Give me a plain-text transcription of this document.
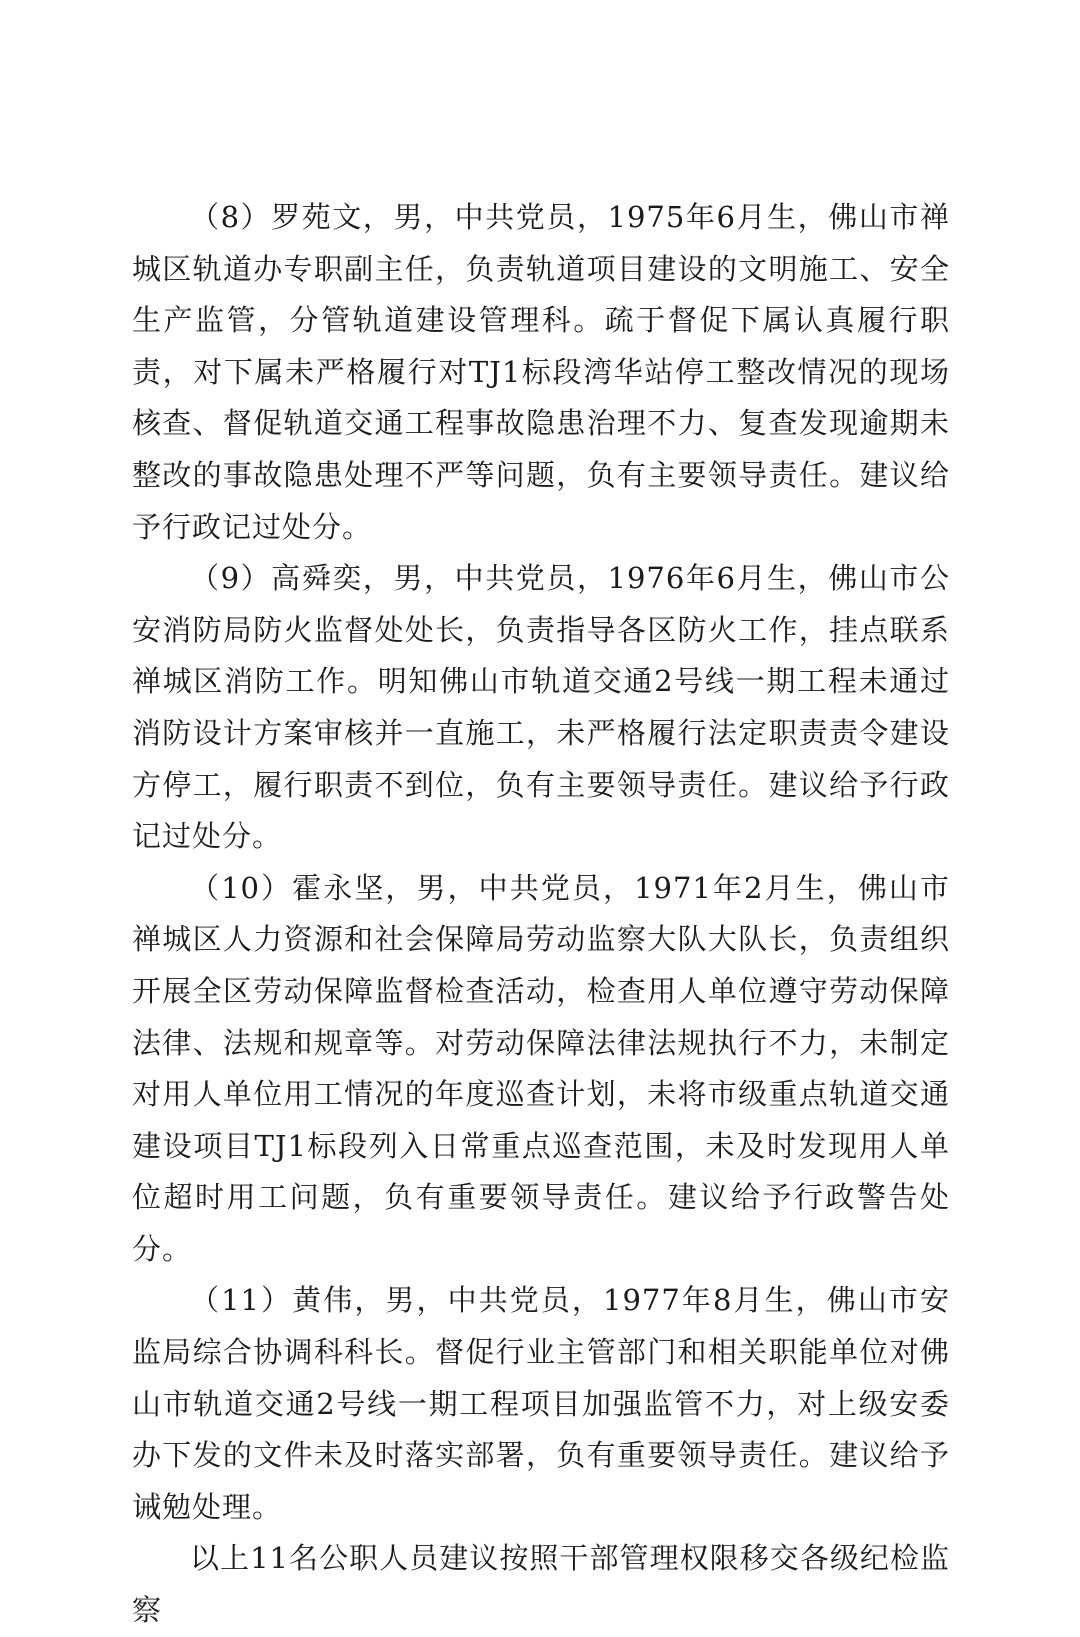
（8）罗苑文，男，中共党员，1975年6月生，佛山市禅城区轨道办专职副主任，负责轨道项目建设的文明施工、安全生产监管，分管轨道建设管理科。疏于督促下属认真履行职责，对下属未严格履行对TJ1标段湾华站停工整改情况的现场核查、督促轨道交通工程事故隐患治理不力、复查发现逾期未整改的事故隐患处理不严等问题，负有主要领导责任。建议给予行政记过处分。

（9）高舜奕，男，中共党员，1976年6月生，佛山市公安消防局防火监督处处长，负责指导各区防火工作，挂点联系禅城区消防工作。明知佛山市轨道交通2号线一期工程未通过消防设计方案审核并一直施工，未严格履行法定职责责令建设方停工，履行职责不到位，负有主要领导责任。建议给予行政记过处分。

（10）霍永坚，男，中共党员，1971年2月生，佛山市禅城区人力资源和社会保障局劳动监察大队大队长，负责组织开展全区劳动保障监督检查活动，检查用人单位遵守劳动保障法律、法规和规章等。对劳动保障法律法规执行不力，未制定对用人单位用工情况的年度巡查计划，未将市级重点轨道交通建设项目TJ1标段列入日常重点巡查范围，未及时发现用人单位超时用工问题，负有重要领导责任。建议给予行政警告处分。

（11）黄伟，男，中共党员，1977年8月生，佛山市安监局综合协调科科长。督促行业主管部门和相关职能单位对佛山市轨道交通2号线一期工程项目加强监管不力，对上级安委办下发的文件未及时落实部署，负有重要领导责任。建议给予诫勉处理。

以上11名公职人员建议按照干部管理权限移交各级纪检监察
